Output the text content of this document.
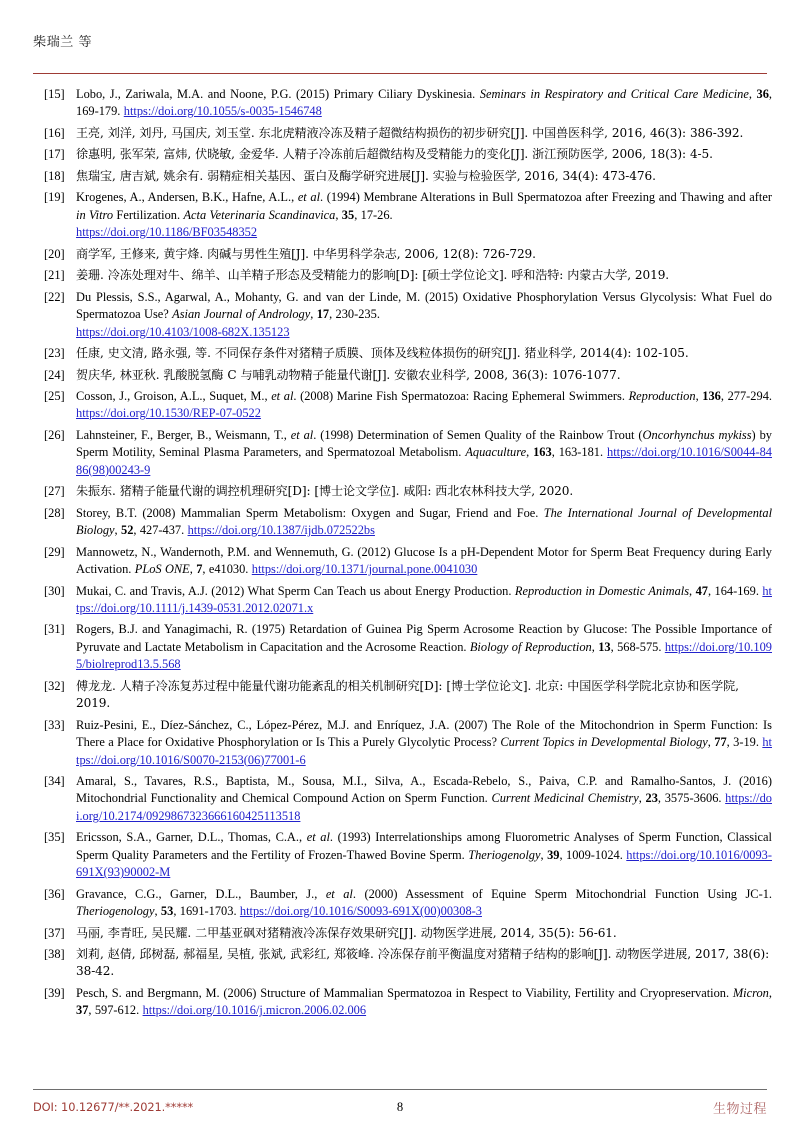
柴瑞兰 等
[15] Lobo, J., Zariwala, M.A. and Noone, P.G. (2015) Primary Ciliary Dyskinesia. Seminars in Respiratory and Critical Care Medicine, 36, 169-179. https://doi.org/10.1055/s-0035-1546748
[16] 王亮, 刘洋, 刘丹, 马国庆, 刘玉堂. 东北虎精液冷冻及精子超微结构损伤的初步研究[J]. 中国兽医科学, 2016, 46(3): 386-392.
[17] 徐惠明, 张军荣, 富炜, 伏晓敏, 金爱华. 人精子冷冻前后超微结构及受精能力的变化[J]. 浙江预防医学, 2006, 18(3): 4-5.
[18] 焦瑞宝, 唐吉斌, 姚余有. 弱精症相关基因、蛋白及酶学研究进展[J]. 实验与检验医学, 2016, 34(4): 473-476.
[19] Krogenes, A., Andersen, B.K., Hafne, A.L., et al. (1994) Membrane Alterations in Bull Spermatozoa after Freezing and Thawing and after in Vitro Fertilization. Acta Veterinaria Scandinavica, 35, 17-26.
https://doi.org/10.1186/BF03548352
[20] 商学军, 王修来, 黄宇烽. 肉碱与男性生殖[J]. 中华男科学杂志, 2006, 12(8): 726-729.
[21] 姜珊. 冷冻处理对牛、绵羊、山羊精子形态及受精能力的影响[D]: [硕士学位论文]. 呼和浩特: 内蒙古大学, 2019.
[22] Du Plessis, S.S., Agarwal, A., Mohanty, G. and van der Linde, M. (2015) Oxidative Phosphorylation Versus Glycolysis: What Fuel do Spermatozoa Use? Asian Journal of Andrology, 17, 230-235.
https://doi.org/10.4103/1008-682X.135123
[23] 任康, 史文清, 路永强, 等. 不同保存条件对猪精子质膜、顶体及线粒体损伤的研究[J]. 猪业科学, 2014(4): 102-105.
[24] 贺庆华, 林亚秋. 乳酸脱氢酶 C 与哺乳动物精子能量代谢[J]. 安徽农业科学, 2008, 36(3): 1076-1077.
[25] Cosson, J., Groison, A.L., Suquet, M., et al. (2008) Marine Fish Spermatozoa: Racing Ephemeral Swimmers. Reproduction, 136, 277-294. https://doi.org/10.1530/REP-07-0522
[26] Lahnsteiner, F., Berger, B., Weismann, T., et al. (1998) Determination of Semen Quality of the Rainbow Trout (Oncorhynchus mykiss) by Sperm Motility, Seminal Plasma Parameters, and Spermatozoal Metabolism. Aquaculture, 163, 163-181. https://doi.org/10.1016/S0044-8486(98)00243-9
[27] 朱振东. 猪精子能量代谢的调控机理研究[D]: [博士论文学位]. 咸阳: 西北农林科技大学, 2020.
[28] Storey, B.T. (2008) Mammalian Sperm Metabolism: Oxygen and Sugar, Friend and Foe. The International Journal of Developmental Biology, 52, 427-437. https://doi.org/10.1387/ijdb.072522bs
[29] Mannowetz, N., Wandernoth, P.M. and Wennemuth, G. (2012) Glucose Is a pH-Dependent Motor for Sperm Beat Frequency during Early Activation. PLoS ONE, 7, e41030. https://doi.org/10.1371/journal.pone.0041030
[30] Mukai, C. and Travis, A.J. (2012) What Sperm Can Teach us about Energy Production. Reproduction in Domestic Animals, 47, 164-169. https://doi.org/10.1111/j.1439-0531.2012.02071.x
[31] Rogers, B.J. and Yanagimachi, R. (1975) Retardation of Guinea Pig Sperm Acrosome Reaction by Glucose: The Possible Importance of Pyruvate and Lactate Metabolism in Capacitation and the Acrosome Reaction. Biology of Reproduction, 13, 568-575. https://doi.org/10.1095/biolreprod13.5.568
[32] 傅龙龙. 人精子冷冻复苏过程中能量代谢功能紊乱的相关机制研究[D]: [博士学位论文]. 北京: 中国医学科学院北京协和医学院, 2019.
[33] Ruiz-Pesini, E., Díez-Sánchez, C., López-Pérez, M.J. and Enríquez, J.A. (2007) The Role of the Mitochondrion in Sperm Function: Is There a Place for Oxidative Phosphorylation or Is This a Purely Glycolytic Process? Current Topics in Developmental Biology, 77, 3-19. https://doi.org/10.1016/S0070-2153(06)77001-6
[34] Amaral, S., Tavares, R.S., Baptista, M., Sousa, M.I., Silva, A., Escada-Rebelo, S., Paiva, C.P. and Ramalho-Santos, J. (2016) Mitochondrial Functionality and Chemical Compound Action on Sperm Function. Current Medicinal Chemistry, 23, 3575-3606. https://doi.org/10.2174/0929867323666160425113518
[35] Ericsson, S.A., Garner, D.L., Thomas, C.A., et al. (1993) Interrelationships among Fluorometric Analyses of Sperm Function, Classical Sperm Quality Parameters and the Fertility of Frozen-Thawed Bovine Sperm. Theriogenolgy, 39, 1009-1024. https://doi.org/10.1016/0093-691X(93)90002-M
[36] Gravance, C.G., Garner, D.L., Baumber, J., et al. (2000) Assessment of Equine Sperm Mitochondrial Function Using JC-1. Theriogenology, 53, 1691-1703. https://doi.org/10.1016/S0093-691X(00)00308-3
[37] 马丽, 李青旺, 吴民耀. 二甲基亚砜对猪精液冷冻保存效果研究[J]. 动物医学进展, 2014, 35(5): 56-61.
[38] 刘莉, 赵倩, 邱树磊, 郝福星, 吴植, 张斌, 武彩红, 郑筱峰. 冷冻保存前平衡温度对猪精子结构的影响[J]. 动物医学进展, 2017, 38(6): 38-42.
[39] Pesch, S. and Bergmann, M. (2006) Structure of Mammalian Spermatozoa in Respect to Viability, Fertility and Cryopreservation. Micron, 37, 597-612. https://doi.org/10.1016/j.micron.2006.02.006
DOI: 10.12677/**.2021.*****	8	生物过程
